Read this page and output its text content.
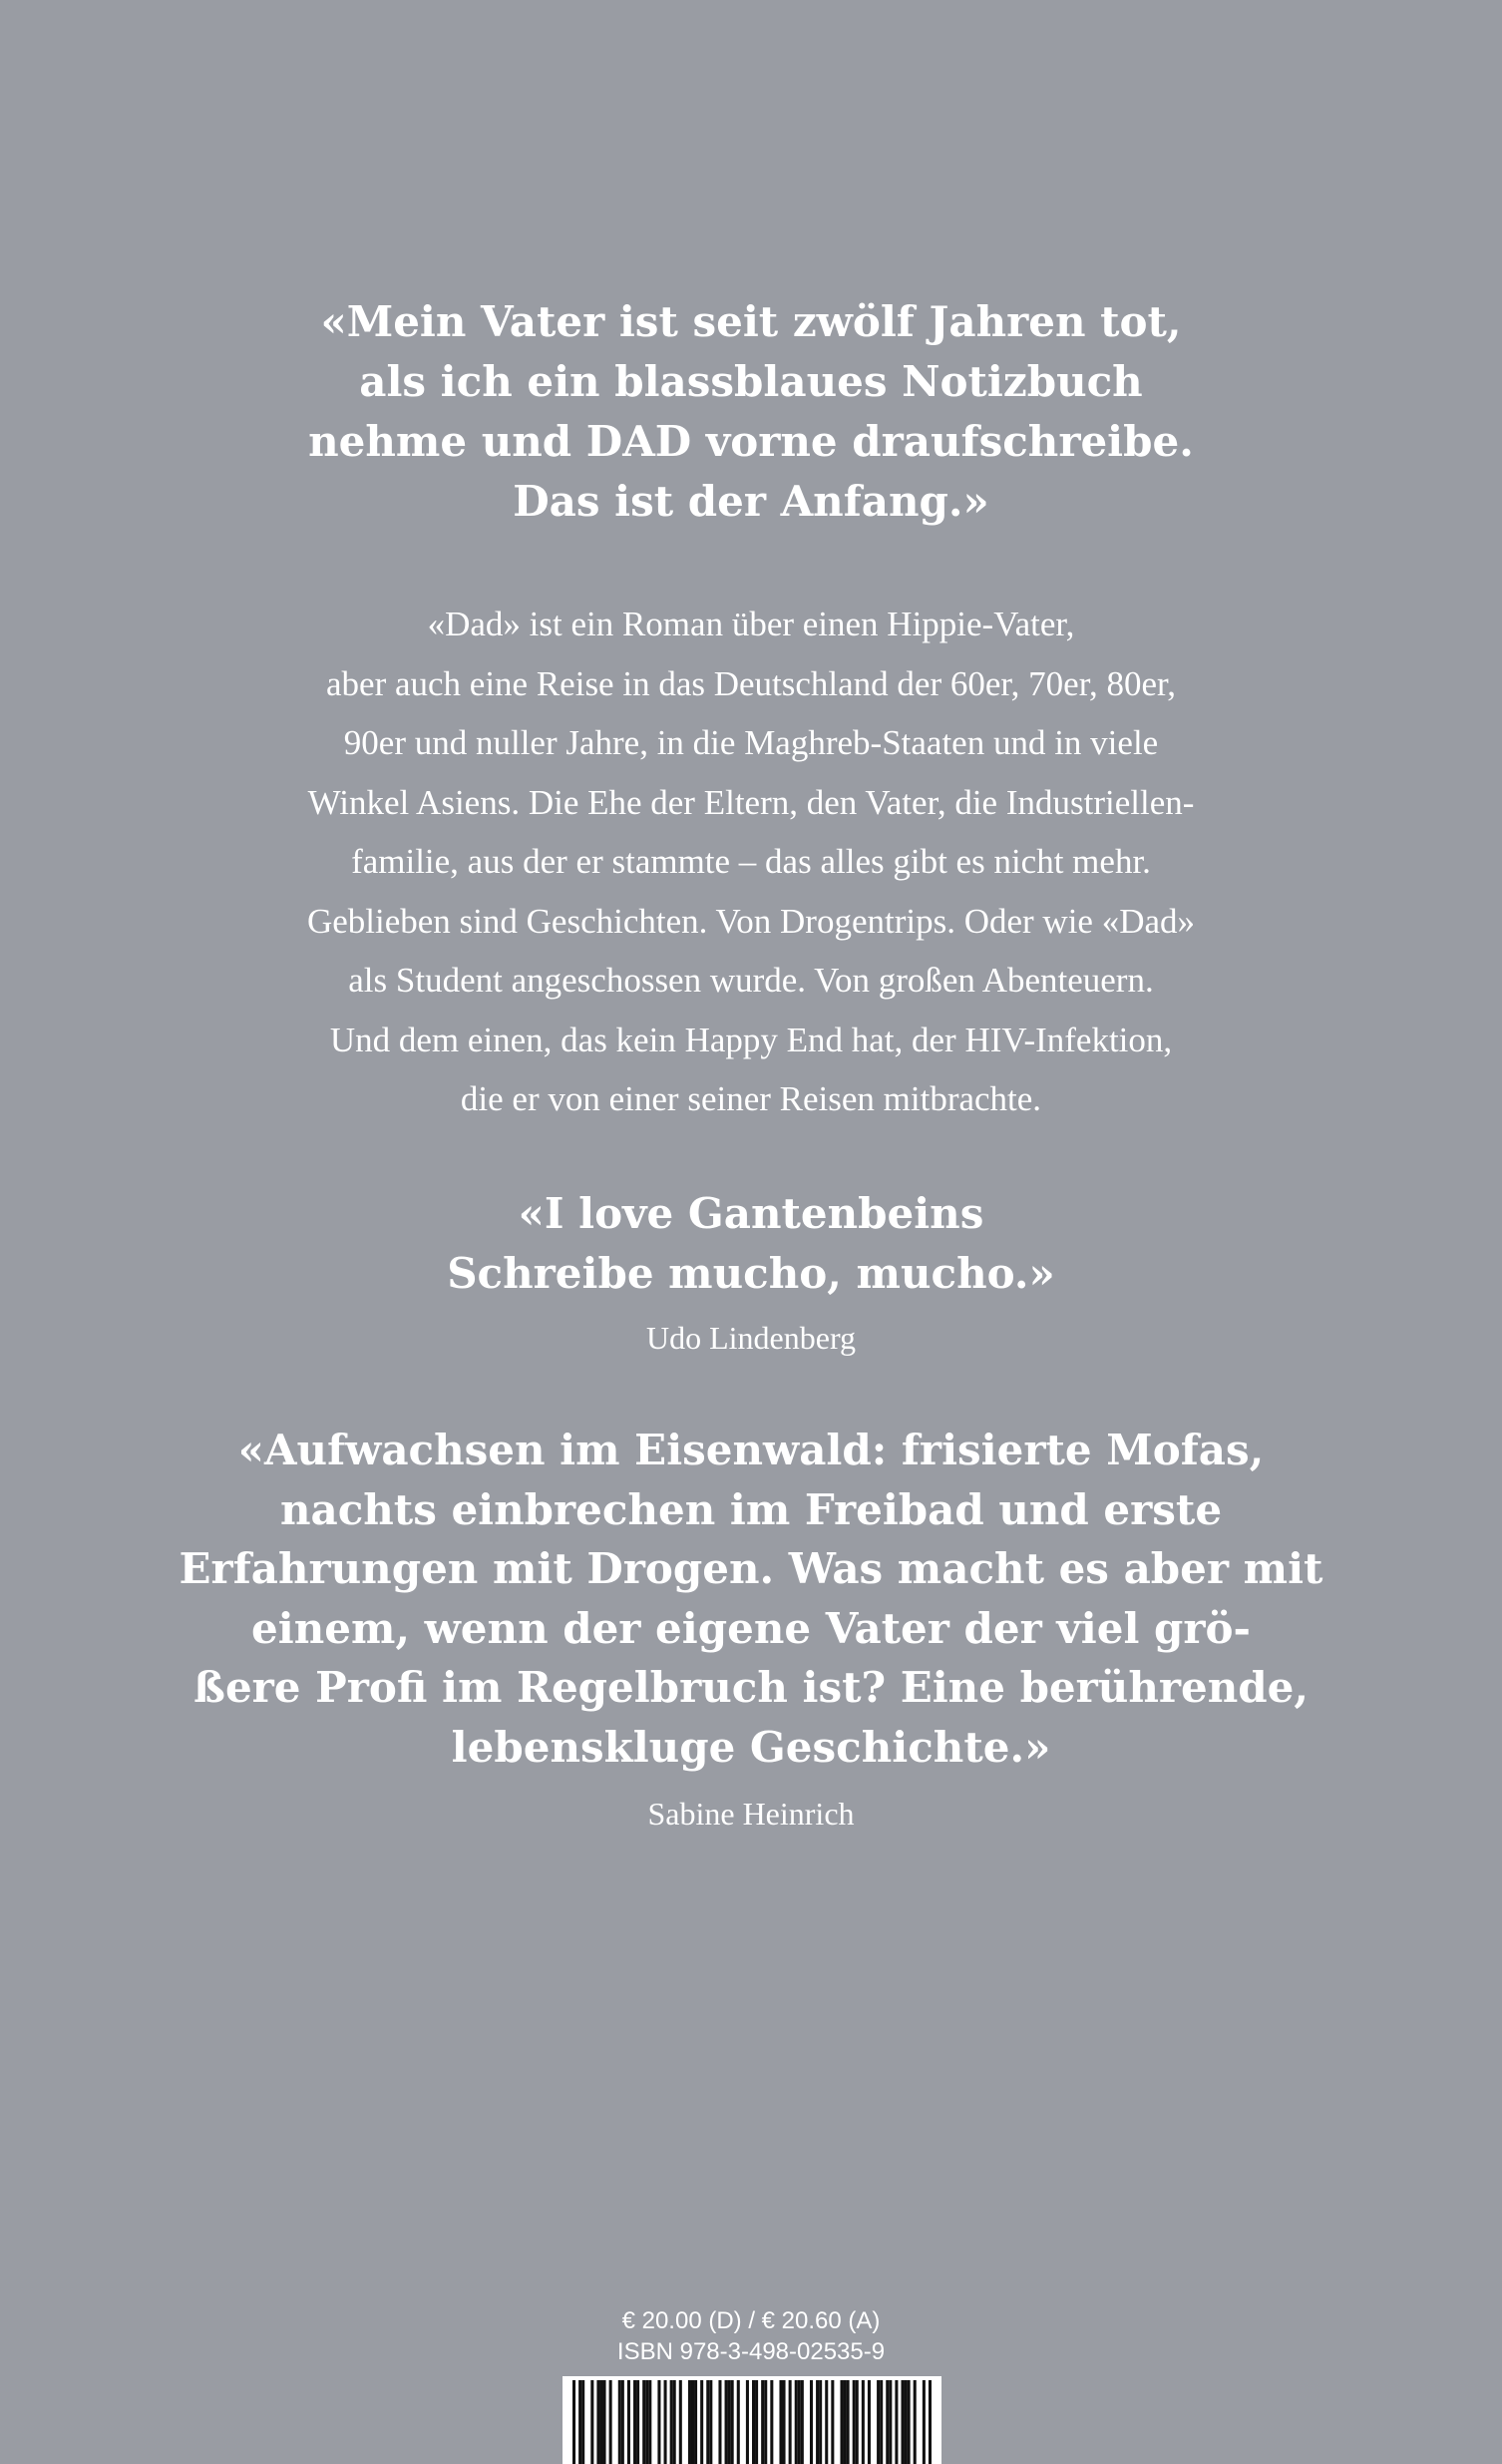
«Mein Vater ist seit zwölf Jahren tot,
als ich ein blassblaues Notizbuch
nehme und DAD vorne draufschreibe.
Das ist der Anfang.»
«Dad» ist ein Roman über einen Hippie-Vater,
aber auch eine Reise in das Deutschland der 60er, 70er, 80er,
90er und nuller Jahre, in die Maghreb-Staaten und in viele
Winkel Asiens. Die Ehe der Eltern, den Vater, die Industriellen-
familie, aus der er stammte – das alles gibt es nicht mehr.
Geblieben sind Geschichten. Von Drogentrips. Oder wie «Dad»
als Student angeschossen wurde. Von großen Abenteuern.
Und dem einen, das kein Happy End hat, der HIV-Infektion,
die er von einer seiner Reisen mitbrachte.
«I love Gantenbeins
Schreibe mucho, mucho.»
Udo Lindenberg
«Aufwachsen im Eisenwald: frisierte Mofas,
nachts einbrechen im Freibad und erste
Erfahrungen mit Drogen. Was macht es aber mit
einem, wenn der eigene Vater der viel grö-
ßere Profi im Regelbruch ist? Eine berührende,
lebenskluge Geschichte.»
Sabine Heinrich
€ 20.00 (D) / € 20.60 (A)
ISBN 978-3-498-02535-9
